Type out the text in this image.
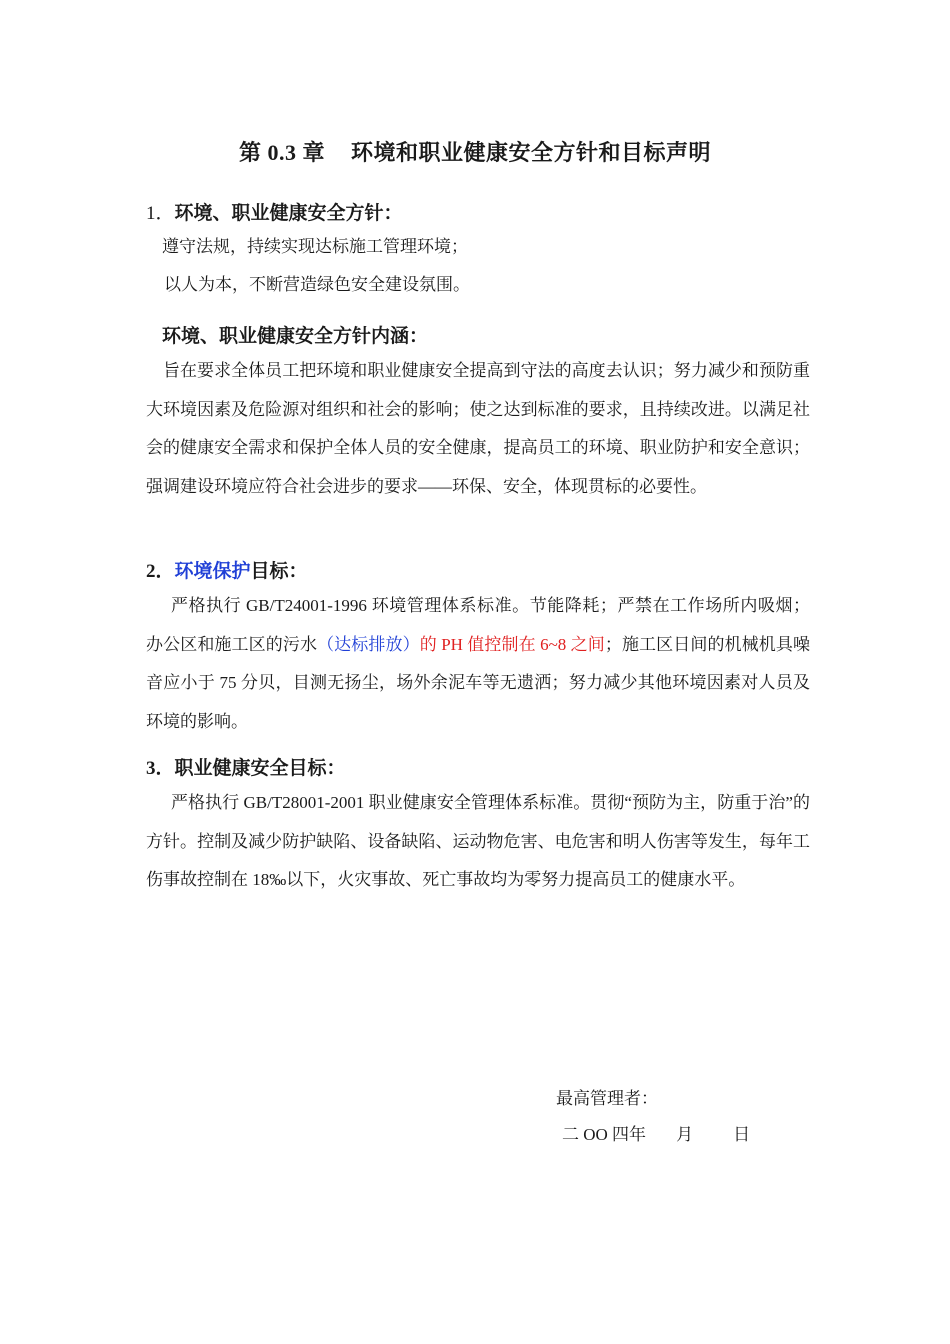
第 0.3 章 环境和职业健康安全方针和目标声明
1．环境、职业健康安全方针：
遵守法规，持续实现达标施工管理环境；
以人为本，不断营造绿色安全建设氛围。
环境、职业健康安全方针内涵：
旨在要求全体员工把环境和职业健康安全提高到守法的高度去认识；努力减少和预防重大环境因素及危险源对组织和社会的影响；使之达到标准的要求，且持续改进。以满足社会的健康安全需求和保护全体人员的安全健康，提高员工的环境、职业防护和安全意识；强调建设环境应符合社会进步的要求——环保、安全，体现贯标的必要性。
2．环境保护目标：
严格执行 GB/T24001-1996 环境管理体系标准。节能降耗；严禁在工作场所内吸烟；办公区和施工区的污水（达标排放）的 PH 值控制在 6~8 之间；施工区日间的机械机具噪音应小于 75 分贝，目测无扬尘，场外余泥车等无遗洒；努力减少其他环境因素对人员及环境的影响。
3．职业健康安全目标：
严格执行 GB/T28001-2001 职业健康安全管理体系标准。贯彻“预防为主，防重于治”的方针。控制及减少防护缺陷、设备缺陷、运动物危害、电危害和明人伤害等发生，每年工伤事故控制在 18‰以下，火灾事故、死亡事故均为零努力提高员工的健康水平。
最高管理者：
二 OO 四年 月 日
